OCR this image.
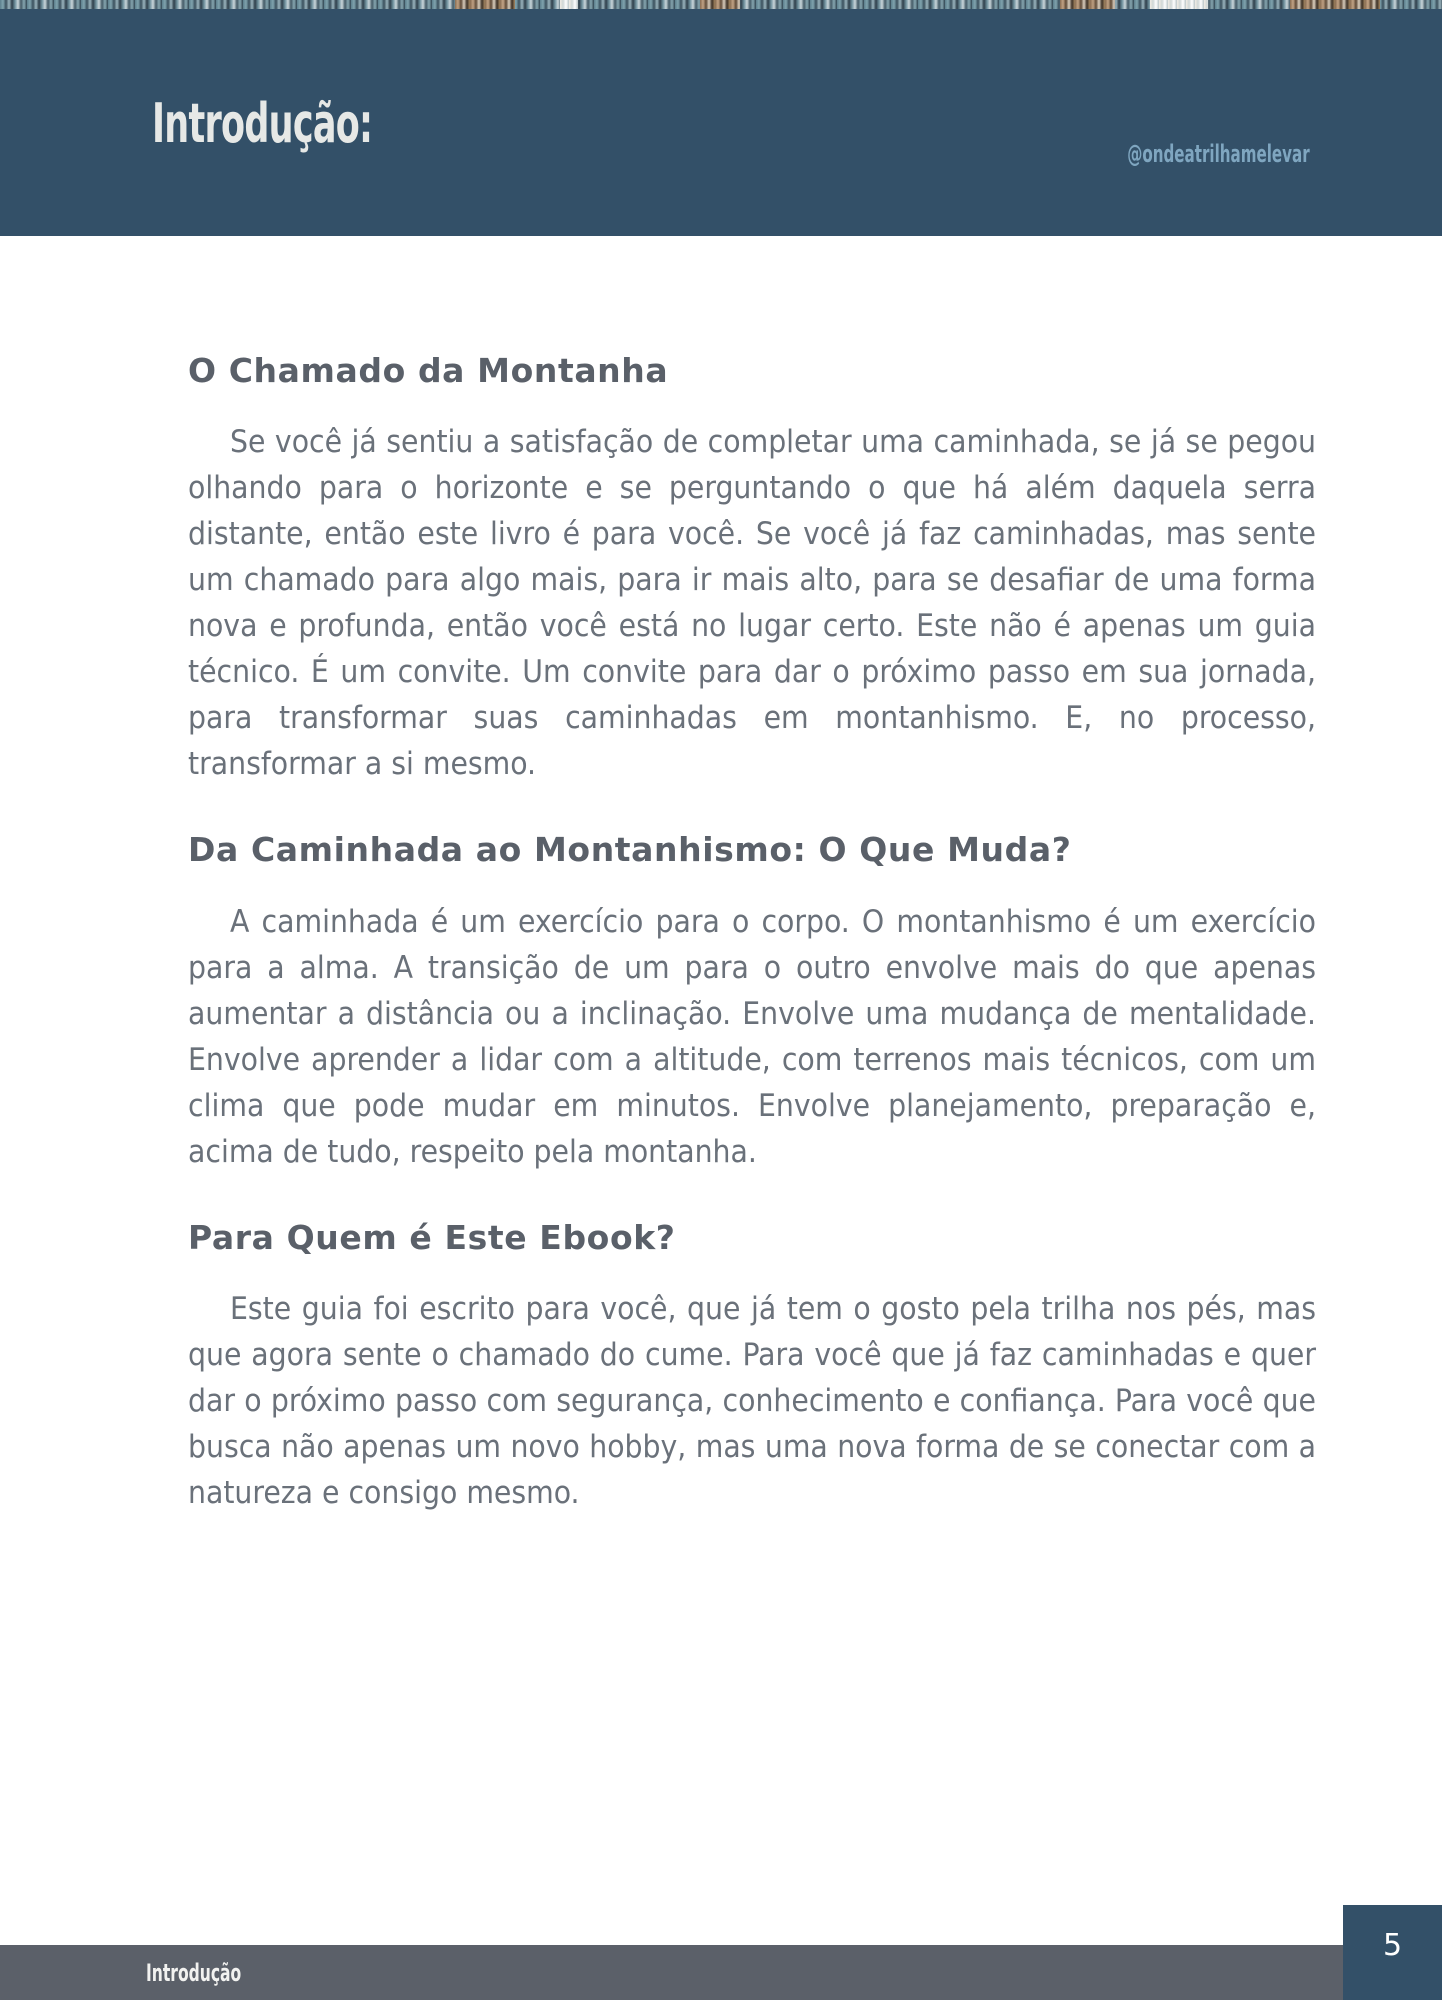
Introdução:	@ondeatrilhamelevar
O Chamado da Montanha

Se você já sentiu a satisfação de completar uma caminhada, se já se pegou olhando para o horizonte e se perguntando o que há além daquela serra distante, então este livro é para você. Se você já faz caminhadas, mas sente um chamado para algo mais, para ir mais alto, para se desafiar de uma forma nova e profunda, então você está no lugar certo. Este não é apenas um guia técnico. É um convite. Um convite para dar o próximo passo em sua jornada, para transformar suas caminhadas em montanhismo. E, no processo, transformar a si mesmo.

Da Caminhada ao Montanhismo: O Que Muda?

A caminhada é um exercício para o corpo. O montanhismo é um exercício para a alma. A transição de um para o outro envolve mais do que apenas aumentar a distância ou a inclinação. Envolve uma mudança de mentalidade. Envolve aprender a lidar com a altitude, com terrenos mais técnicos, com um clima que pode mudar em minutos. Envolve planejamento, preparação e, acima de tudo, respeito pela montanha.

Para Quem é Este Ebook?

Este guia foi escrito para você, que já tem o gosto pela trilha nos pés, mas que agora sente o chamado do cume. Para você que já faz caminhadas e quer dar o próximo passo com segurança, conhecimento e confiança. Para você que busca não apenas um novo hobby, mas uma nova forma de se conectar com a natureza e consigo mesmo.

Introdução
5
